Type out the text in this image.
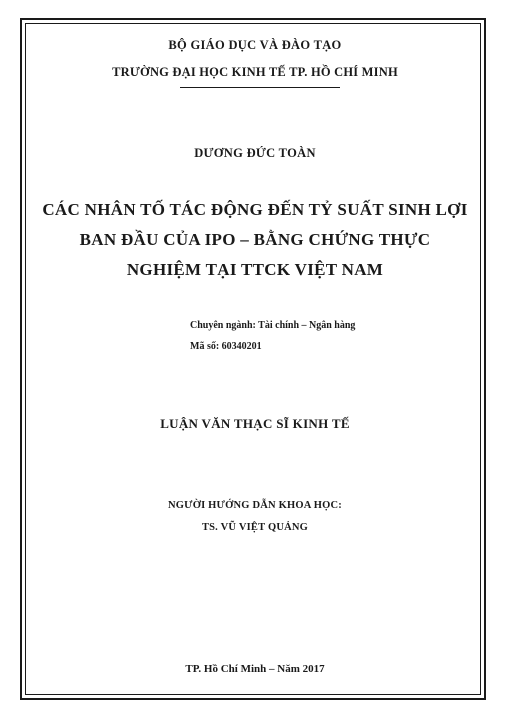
BỘ GIÁO DỤC VÀ ĐÀO TẠO
TRƯỜNG ĐẠI HỌC KINH TẾ TP. HỒ CHÍ MINH
DƯƠNG ĐỨC TOÀN
CÁC NHÂN TỐ TÁC ĐỘNG ĐẾN TỶ SUẤT SINH LỢI
BAN ĐẦU CỦA IPO – BẰNG CHỨNG THỰC
NGHIỆM TẠI TTCK VIỆT NAM
Chuyên ngành: Tài chính – Ngân hàng
Mã số: 60340201
LUẬN VĂN THẠC SĨ KINH TẾ
NGƯỜI HƯỚNG DẪN KHOA HỌC:
TS. VŨ VIỆT QUẢNG
TP. Hồ Chí Minh – Năm 2017
